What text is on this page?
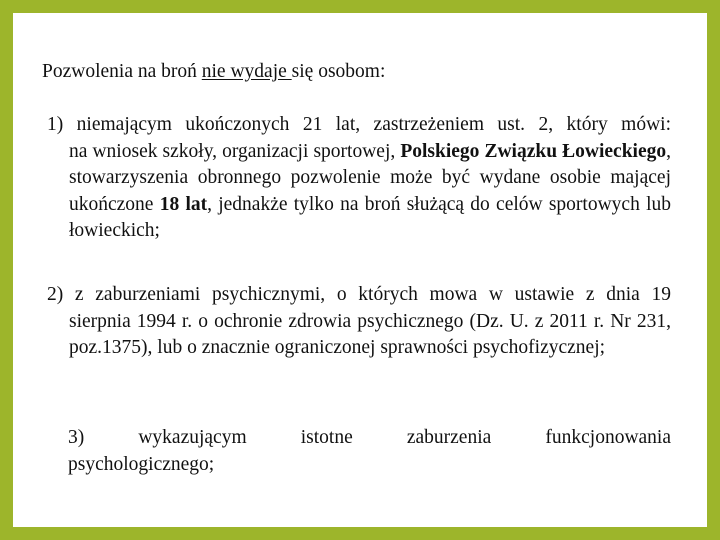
Pozwolenia na broń nie wydaje się osobom:
1) niemającym ukończonych 21 lat, zastrzeżeniem ust. 2, który mówi:
na wniosek szkoły, organizacji sportowej, Polskiego Związku Łowieckiego, stowarzyszenia obronnego pozwolenie może być wydane osobie mającej ukończone 18 lat, jednakże tylko na broń służącą do celów sportowych lub łowieckich;
2) z zaburzeniami psychicznymi, o których mowa w ustawie z dnia 19
sierpnia 1994 r. o ochronie zdrowia psychicznego (Dz. U. z 2011 r. Nr 231, poz.1375), lub o znacznie ograniczonej sprawności psychofizycznej;
3) wykazującym istotne zaburzenia funkcjonowania
psychologicznego;
